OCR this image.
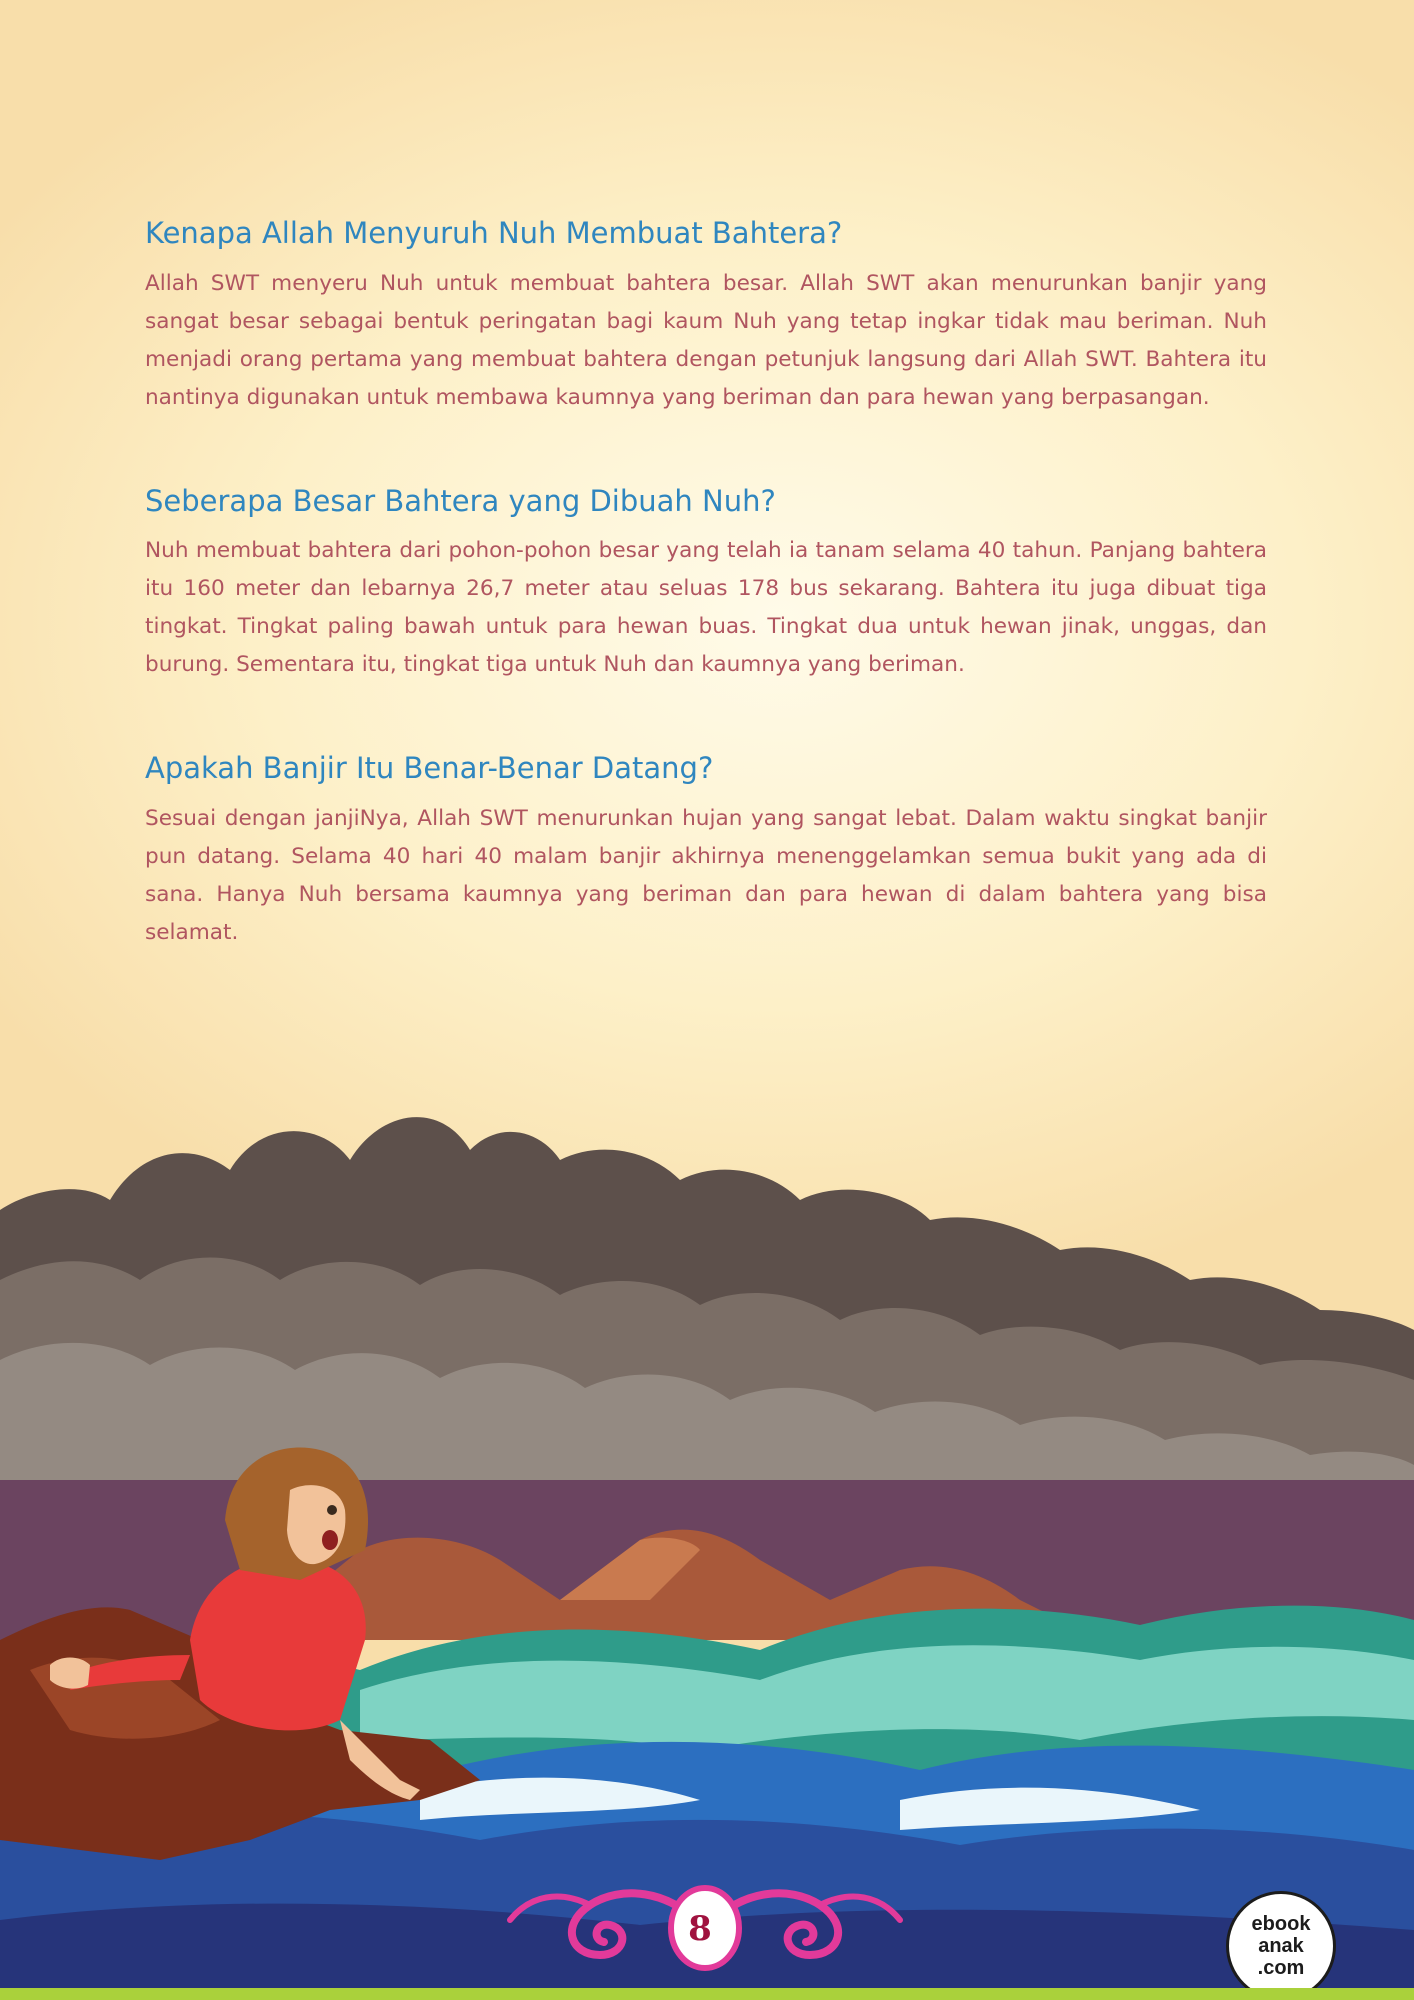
Kenapa Allah Menyuruh Nuh Membuat Bahtera?

Allah SWT menyeru Nuh untuk membuat bahtera besar. Allah SWT akan menurunkan banjir yang sangat besar sebagai bentuk peringatan bagi kaum Nuh yang tetap ingkar tidak mau beriman. Nuh menjadi orang pertama yang membuat bahtera dengan petunjuk langsung dari Allah SWT. Bahtera itu nantinya digunakan untuk membawa kaumnya yang beriman dan para hewan yang berpasangan.

Seberapa Besar Bahtera yang Dibuah Nuh?

Nuh membuat bahtera dari pohon-pohon besar yang telah ia tanam selama 40 tahun. Panjang bahtera itu 160 meter dan lebarnya 26,7 meter atau seluas 178 bus sekarang. Bahtera itu juga dibuat tiga tingkat. Tingkat paling bawah untuk para hewan buas. Tingkat dua untuk hewan jinak, unggas, dan burung. Sementara itu, tingkat tiga untuk Nuh dan kaumnya yang beriman.

Apakah Banjir Itu Benar-Benar Datang?

Sesuai dengan janjiNya, Allah SWT menurunkan hujan yang sangat lebat. Dalam waktu singkat banjir pun datang. Selama 40 hari 40 malam banjir akhirnya menenggelamkan semua bukit yang ada di sana. Hanya Nuh bersama kaumnya yang beriman dan para hewan di dalam bahtera yang bisa selamat.

8	ebook
anak
.com
